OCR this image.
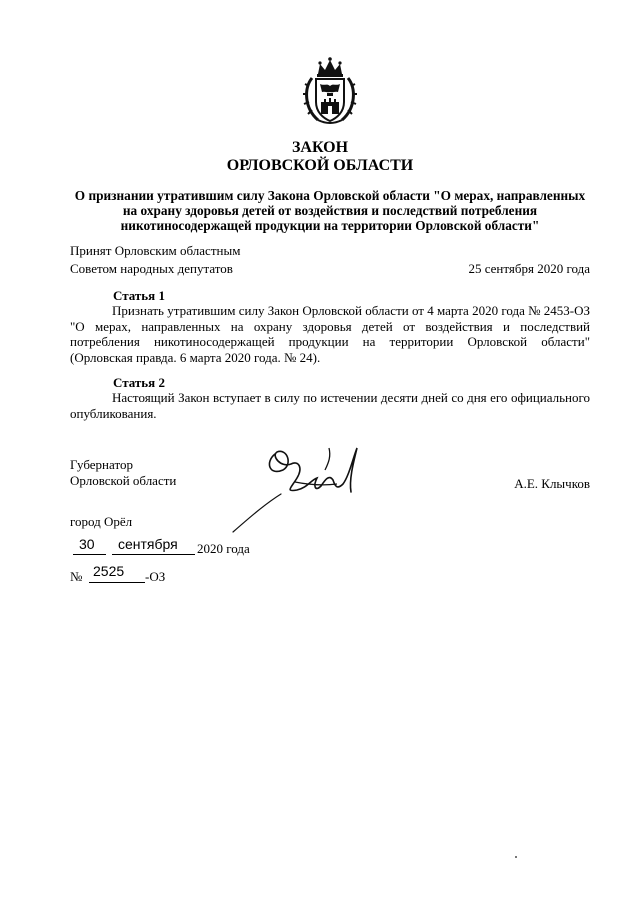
ЗАКОН
ОРЛОВСКОЙ ОБЛАСТИ
О признании утратившим силу Закона Орловской области "О мерах, направленных на охрану здоровья детей от воздействия и последствий потребления никотиносодержащей продукции на территории Орловской области"
Принят Орловским областным
Советом народных депутатов	25 сентября 2020 года
Статья 1
Признать утратившим силу Закон Орловской области от 4 марта 2020 года № 2453-ОЗ "О мерах, направленных на охрану здоровья детей от воздействия и последствий потребления никотиносодержащей продукции на территории Орловской области" (Орловская правда. 6 марта 2020 года. № 24).
Статья 2
Настоящий Закон вступает в силу по истечении десяти дней со дня его официального опубликования.
Губернатор
Орловской области	А.Е. Клычков
город Орёл
30 сентября 2020 года
№ 2525 -ОЗ
